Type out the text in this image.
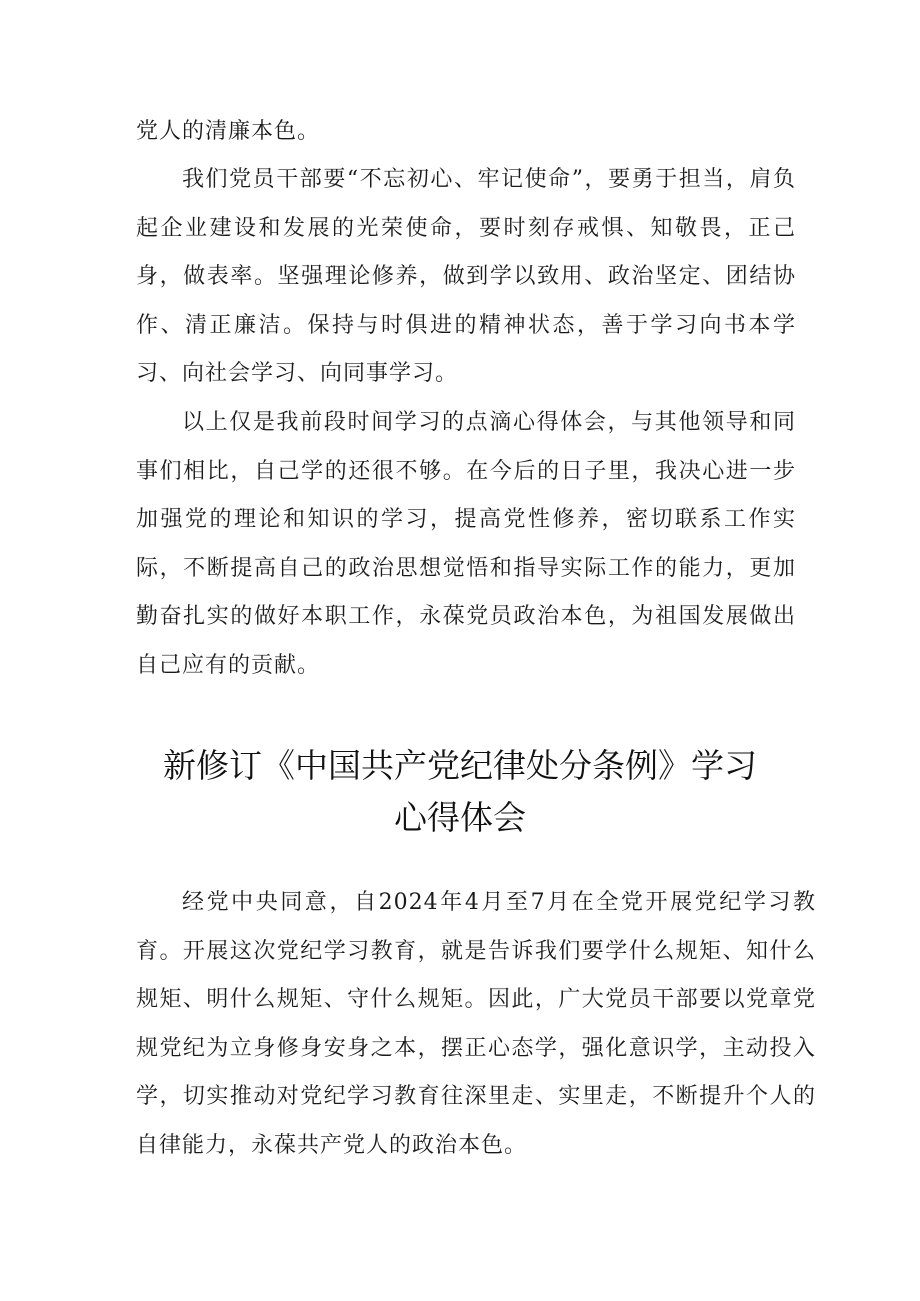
党人的清廉本色。

我们党员干部要“不忘初心、牢记使命”，要勇于担当，肩负起企业建设和发展的光荣使命，要时刻存戒惧、知敬畏，正己身，做表率。坚强理论修养，做到学以致用、政治坚定、团结协作、清正廉洁。保持与时俱进的精神状态，善于学习向书本学习、向社会学习、向同事学习。

以上仅是我前段时间学习的点滴心得体会，与其他领导和同事们相比，自己学的还很不够。在今后的日子里，我决心进一步加强党的理论和知识的学习，提高党性修养，密切联系工作实际，不断提高自己的政治思想觉悟和指导实际工作的能力，更加勤奋扎实的做好本职工作，永葆党员政治本色，为祖国发展做出自己应有的贡献。

新修订《中国共产党纪律处分条例》学习
心得体会

经党中央同意，自2024年4月至7月在全党开展党纪学习教育。开展这次党纪学习教育，就是告诉我们要学什么规矩、知什么规矩、明什么规矩、守什么规矩。因此，广大党员干部要以党章党规党纪为立身修身安身之本，摆正心态学，强化意识学，主动投入学，切实推动对党纪学习教育往深里走、实里走，不断提升个人的自律能力，永葆共产党人的政治本色。
